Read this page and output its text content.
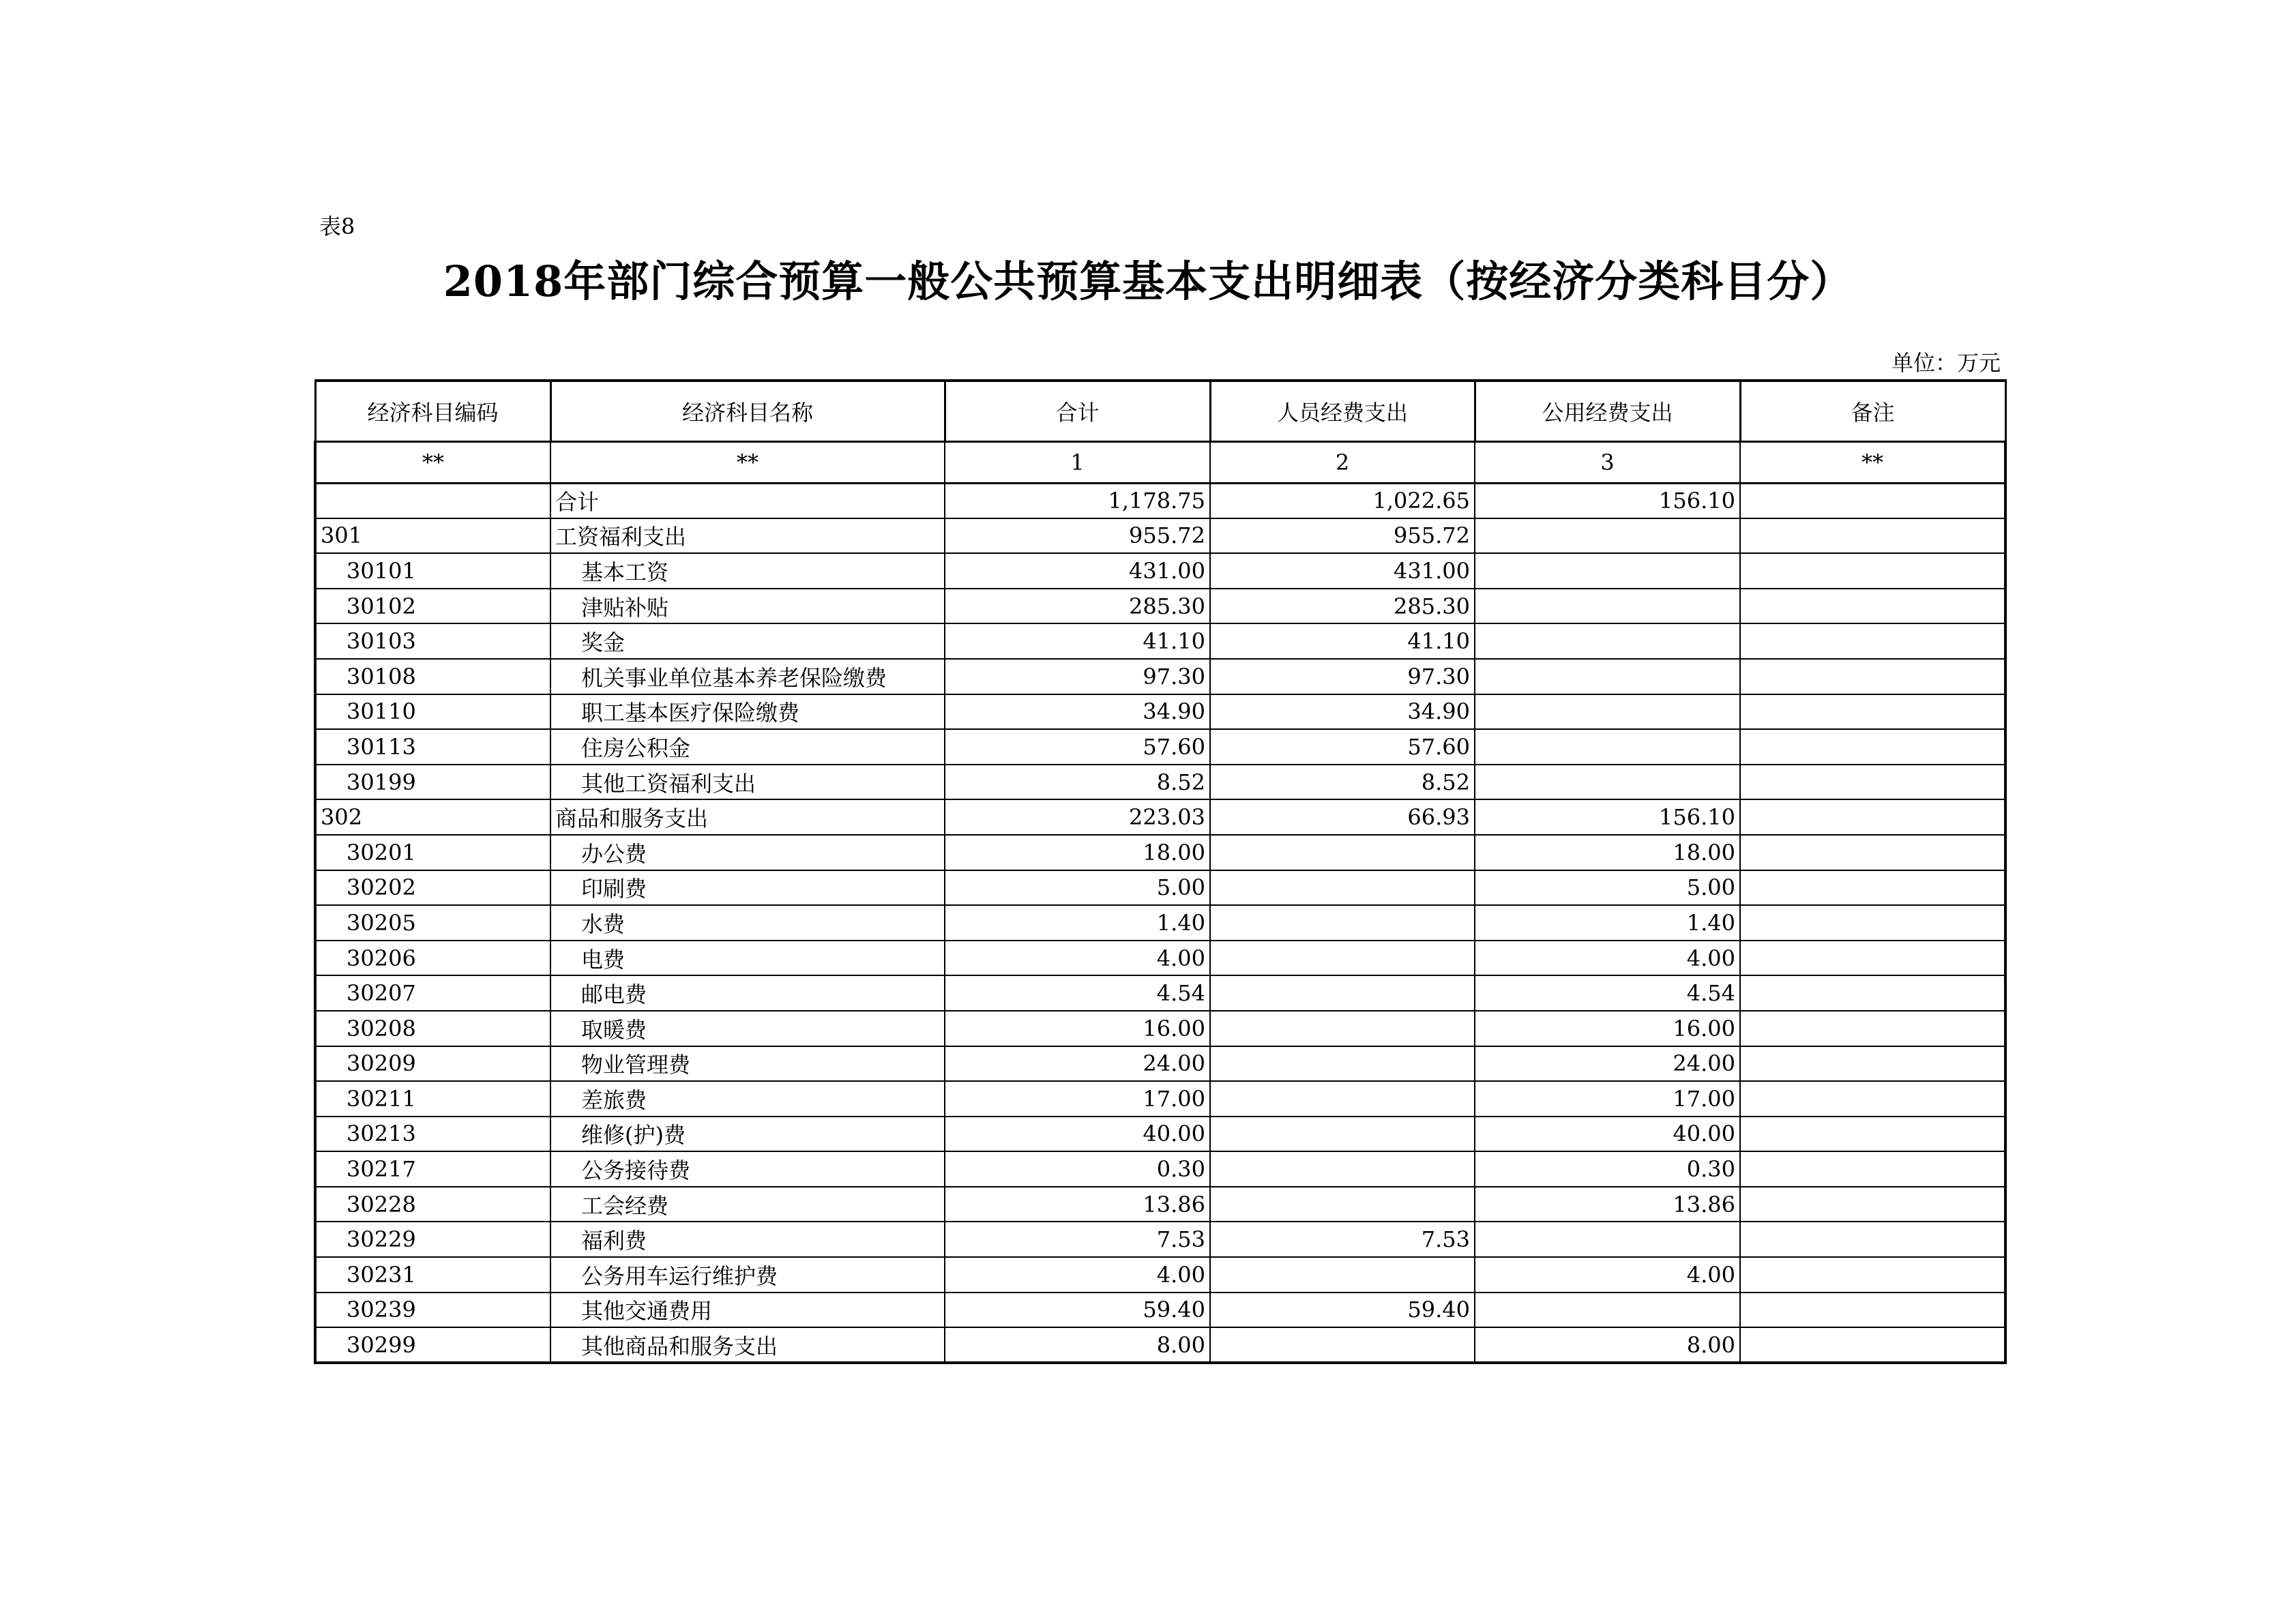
表8
2018年部门综合预算一般公共预算基本支出明细表（按经济分类科目分）
单位：万元
经济科目编码	经济科目名称	合计	人员经费支出	公用经费支出	备注
**	**	1	2	3	**
	合计	1,178.75	1,022.65	156.10	
301	工资福利支出	955.72	955.72		
30101	基本工资	431.00	431.00		
30102	津贴补贴	285.30	285.30		
30103	奖金	41.10	41.10		
30108	机关事业单位基本养老保险缴费	97.30	97.30		
30110	职工基本医疗保险缴费	34.90	34.90		
30113	住房公积金	57.60	57.60		
30199	其他工资福利支出	8.52	8.52		
302	商品和服务支出	223.03	66.93	156.10	
30201	办公费	18.00		18.00	
30202	印刷费	5.00		5.00	
30205	水费	1.40		1.40	
30206	电费	4.00		4.00	
30207	邮电费	4.54		4.54	
30208	取暖费	16.00		16.00	
30209	物业管理费	24.00		24.00	
30211	差旅费	17.00		17.00	
30213	维修(护)费	40.00		40.00	
30217	公务接待费	0.30		0.30	
30228	工会经费	13.86		13.86	
30229	福利费	7.53	7.53		
30231	公务用车运行维护费	4.00		4.00	
30239	其他交通费用	59.40	59.40		
30299	其他商品和服务支出	8.00		8.00	
